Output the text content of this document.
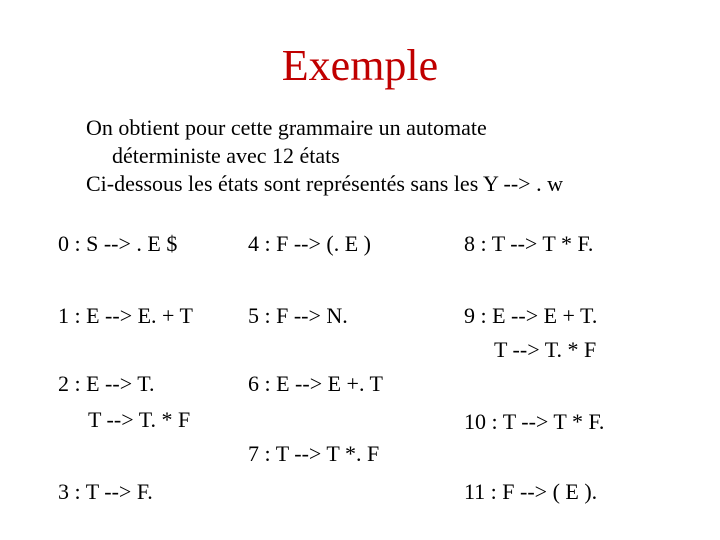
Exemple
On obtient pour cette grammaire un automate
déterministe avec 12 états
Ci-dessous les états sont représentés sans les Y --> . w
0 : S --> . E $
1 : E --> E. + T
2 : E --> T.
T --> T. * F
3 : T --> F.
4 : F --> (. E )
5 : F --> N.
6 : E --> E +. T
7 : T --> T *. F
8 : T --> T * F.
9 : E --> E + T.
T --> T. * F
10 : T --> T * F.
11 : F --> ( E ).
